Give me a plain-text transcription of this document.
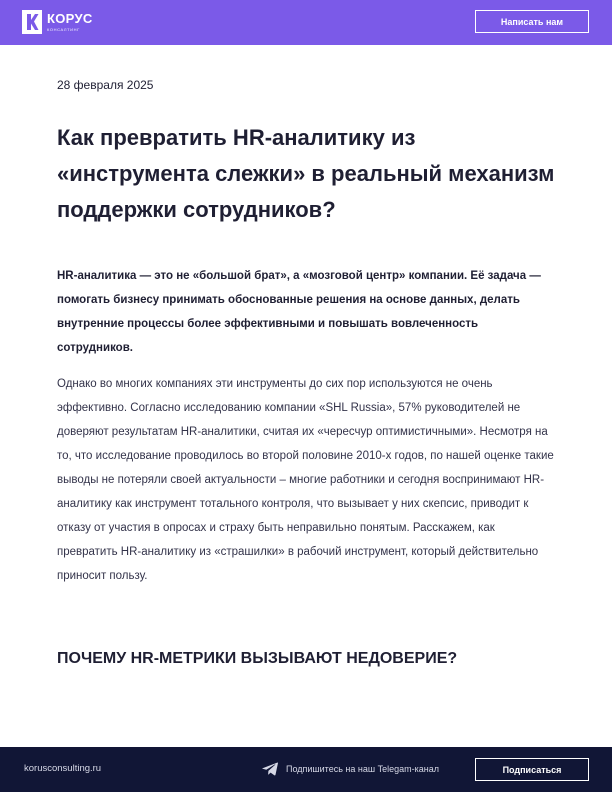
КОРУС
КОНСАЛТИНГ
Написать нам
28 февраля 2025
Как превратить HR-аналитику из «инструмента слежки» в реальный механизм поддержки сотрудников?

HR-аналитика — это не «большой брат», а «мозговой центр» компании. Её задача — помогать бизнесу принимать обоснованные решения на основе данных, делать внутренние процессы более эффективными и повышать вовлеченность сотрудников.

Однако во многих компаниях эти инструменты до сих пор используются не очень эффективно. Согласно исследованию компании «SHL Russia», 57% руководителей не доверяют результатам HR-аналитики, считая их «чересчур оптимистичными». Несмотря на то, что исследование проводилось во второй половине 2010-х годов, по нашей оценке такие выводы не потеряли своей актуальности – многие работники и сегодня воспринимают HR-аналитику как инструмент тотального контроля, что вызывает у них скепсис, приводит к отказу от участия в опросах и страху быть неправильно понятым. Расскажем, как превратить HR-аналитику из «страшилки» в рабочий инструмент, который действительно приносит пользу.

ПОЧЕМУ HR-МЕТРИКИ ВЫЗЫВАЮТ НЕДОВЕРИЕ?
korusconsulting.ru	Подпишитесь на наш Telegam-канал	Подписаться
